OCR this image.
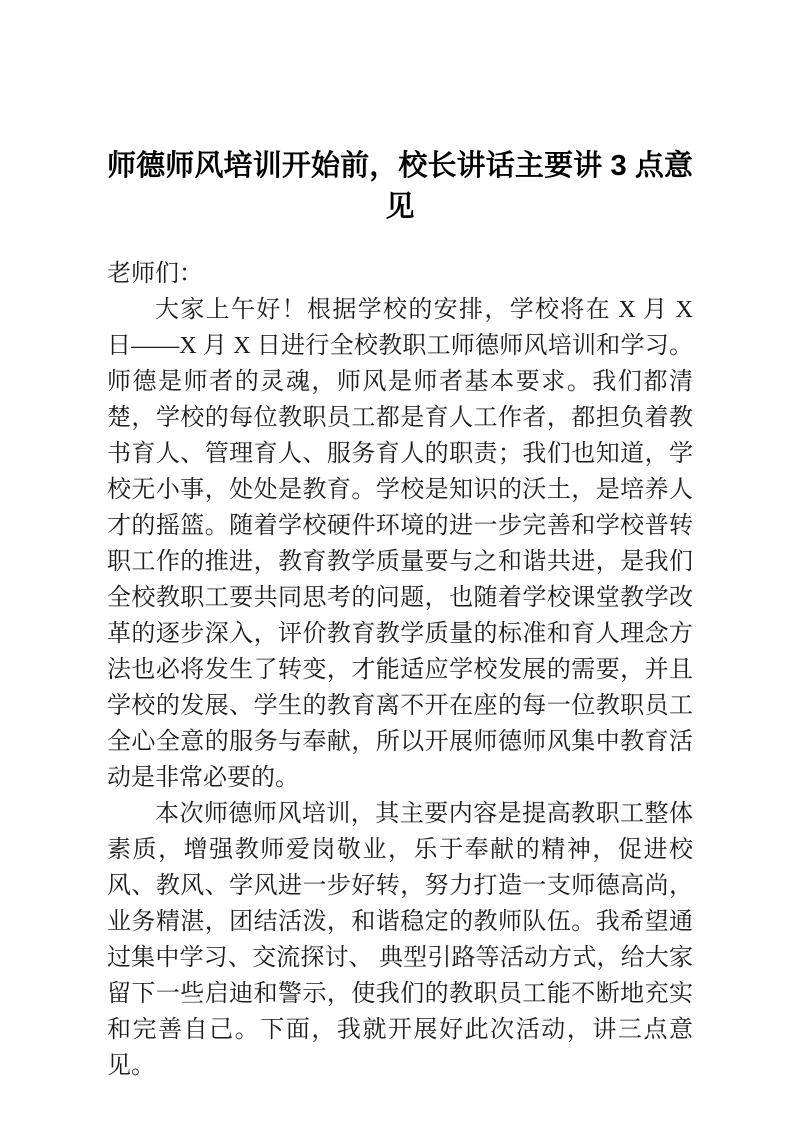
师德师风培训开始前，校长讲话主要讲 3 点意见

老师们：

大家上午好！根据学校的安排，学校将在 X 月 X 日——X 月 X 日进行全校教职工师德师风培训和学习。师德是师者的灵魂，师风是师者基本要求。我们都清楚，学校的每位教职员工都是育人工作者，都担负着教书育人、管理育人、服务育人的职责；我们也知道，学校无小事，处处是教育。学校是知识的沃土，是培养人才的摇篮。随着学校硬件环境的进一步完善和学校普转职工作的推进，教育教学质量要与之和谐共进，是我们全校教职工要共同思考的问题，也随着学校课堂教学改革的逐步深入，评价教育教学质量的标准和育人理念方法也必将发生了转变，才能适应学校发展的需要，并且学校的发展、学生的教育离不开在座的每一位教职员工全心全意的服务与奉献，所以开展师德师风集中教育活动是非常必要的。

本次师德师风培训，其主要内容是提高教职工整体素质，增强教师爱岗敬业，乐于奉献的精神，促进校风、教风、学风进一步好转，努力打造一支师德高尚，业务精湛，团结活泼，和谐稳定的教师队伍。我希望通过集中学习、交流探讨、 典型引路等活动方式，给大家留下一些启迪和警示，使我们的教职员工能不断地充实和完善自己。下面，我就开展好此次活动，讲三点意见。
